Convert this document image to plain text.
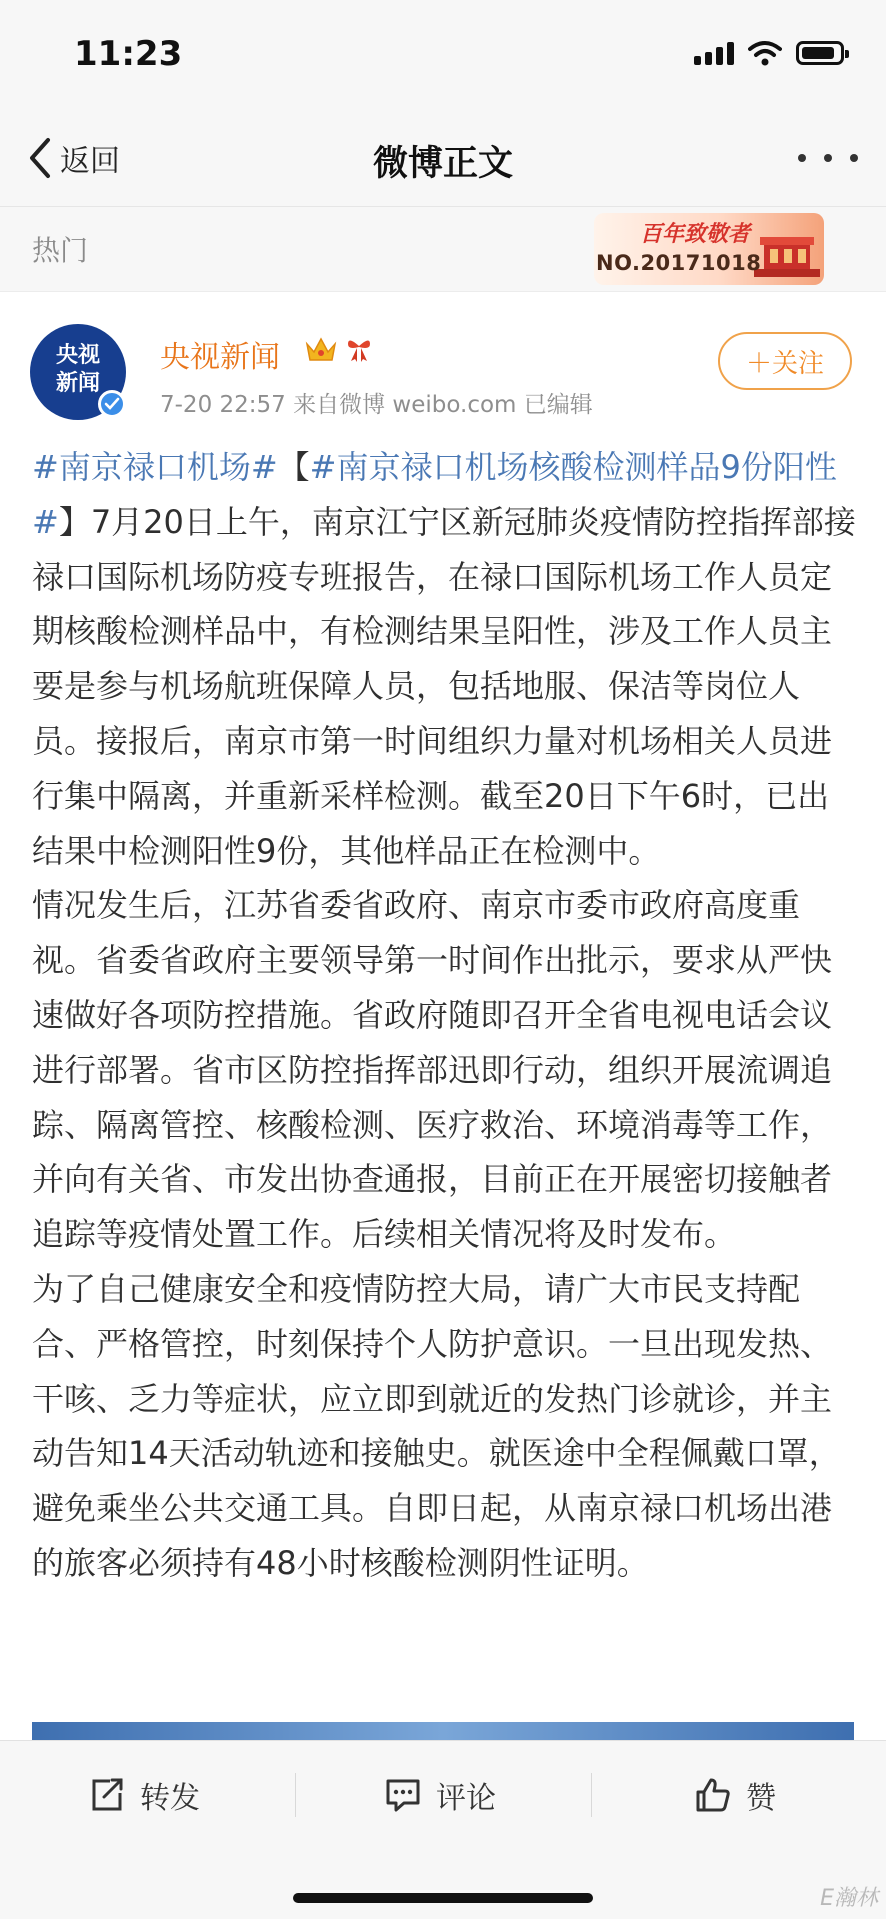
11:23
返回	微博正文
热门	百年致敬者
NO.20171018
央视
新闻
央视新闻
7-20 22:57 来自微博 weibo.com 已编辑
＋关注

#南京禄口机场#【#南京禄口机场核酸检测样品9份阳性#】7月20日上午，南京江宁区新冠肺炎疫情防控指挥部接禄口国际机场防疫专班报告，在禄口国际机场工作人员定期核酸检测样品中，有检测结果呈阳性，涉及工作人员主要是参与机场航班保障人员，包括地服、保洁等岗位人员。接报后，南京市第一时间组织力量对机场相关人员进行集中隔离，并重新采样检测。截至20日下午6时，已出结果中检测阳性9份，其他样品正在检测中。

情况发生后，江苏省委省政府、南京市委市政府高度重视。省委省政府主要领导第一时间作出批示，要求从严快速做好各项防控措施。省政府随即召开全省电视电话会议进行部署。省市区防控指挥部迅即行动，组织开展流调追踪、隔离管控、核酸检测、医疗救治、环境消毒等工作，并向有关省、市发出协查通报，目前正在开展密切接触者追踪等疫情处置工作。后续相关情况将及时发布。

为了自己健康安全和疫情防控大局，请广大市民支持配合、严格管控，时刻保持个人防护意识。一旦出现发热、干咳、乏力等症状，应立即到就近的发热门诊就诊，并主动告知14天活动轨迹和接触史。就医途中全程佩戴口罩，避免乘坐公共交通工具。自即日起，从南京禄口机场出港的旅客必须持有48小时核酸检测阴性证明。

转发	评论	赞
E瀚林
